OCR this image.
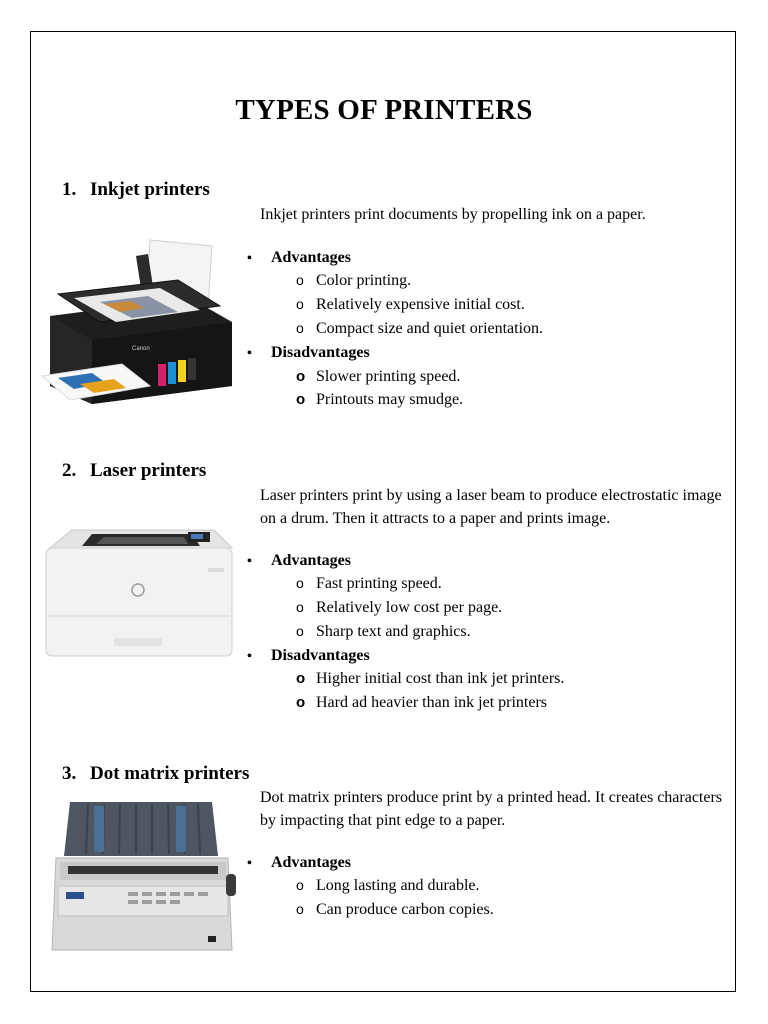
TYPES OF PRINTERS
1. Inkjet printers
Inkjet printers print documents by propelling ink on a paper.
• Advantages
o Color printing.
o Relatively expensive initial cost.
o Compact size and quiet orientation.
• Disadvantages
o Slower printing speed.
o Printouts may smudge.
Canon
2. Laser printers
Laser printers print by using a laser beam to produce electrostatic image on a drum. Then it attracts to a paper and prints image.
• Advantages
o Fast printing speed.
o Relatively low cost per page.
o Sharp text and graphics.
• Disadvantages
o Higher initial cost than ink jet printers.
o Hard ad heavier than ink jet printers
3. Dot matrix printers
Dot matrix printers produce print by a printed head. It creates characters by impacting that pint edge to a paper.
• Advantages
o Long lasting and durable.
o Can produce carbon copies.
